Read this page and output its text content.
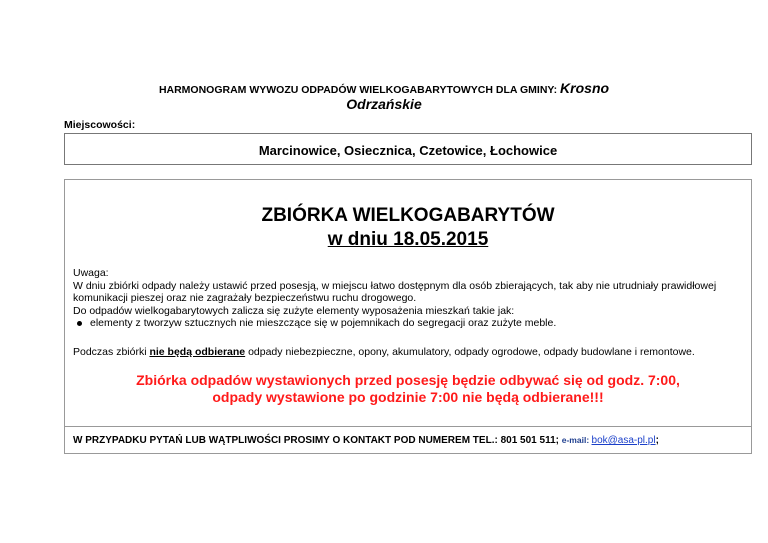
HARMONOGRAM WYWOZU ODPADÓW WIELKOGABARYTOWYCH DLA GMINY: Krosno
Odrzańskie
Miejscowości:
Marcinowice, Osiecznica, Czetowice, Łochowice
ZBIÓRKA WIELKOGABARYTÓW
w dniu 18.05.2015

Uwaga:

W dniu zbiórki odpady należy ustawić przed posesją, w miejscu łatwo dostępnym dla osób zbierających, tak aby nie utrudniały prawidłowej komunikacji pieszej oraz nie zagrażały bezpieczeństwu ruchu drogowego.

Do odpadów wielkogabarytowych zalicza się zużyte elementy wyposażenia mieszkań takie jak:

elementy z tworzyw sztucznych nie mieszczące się w pojemnikach do segregacji oraz zużyte meble.

Podczas zbiórki nie będą odbierane odpady niebezpieczne, opony, akumulatory, odpady ogrodowe, odpady budowlane i remontowe.
Zbiórka odpadów wystawionych przed posesję będzie odbywać się od godz. 7:00,
odpady wystawione po godzinie 7:00 nie będą odbierane!!!
W PRZYPADKU PYTAŃ LUB WĄTPLIWOŚCI PROSIMY O KONTAKT POD NUMEREM TEL.: 801 501 511; e-mail: bok@asa-pl.pl;
